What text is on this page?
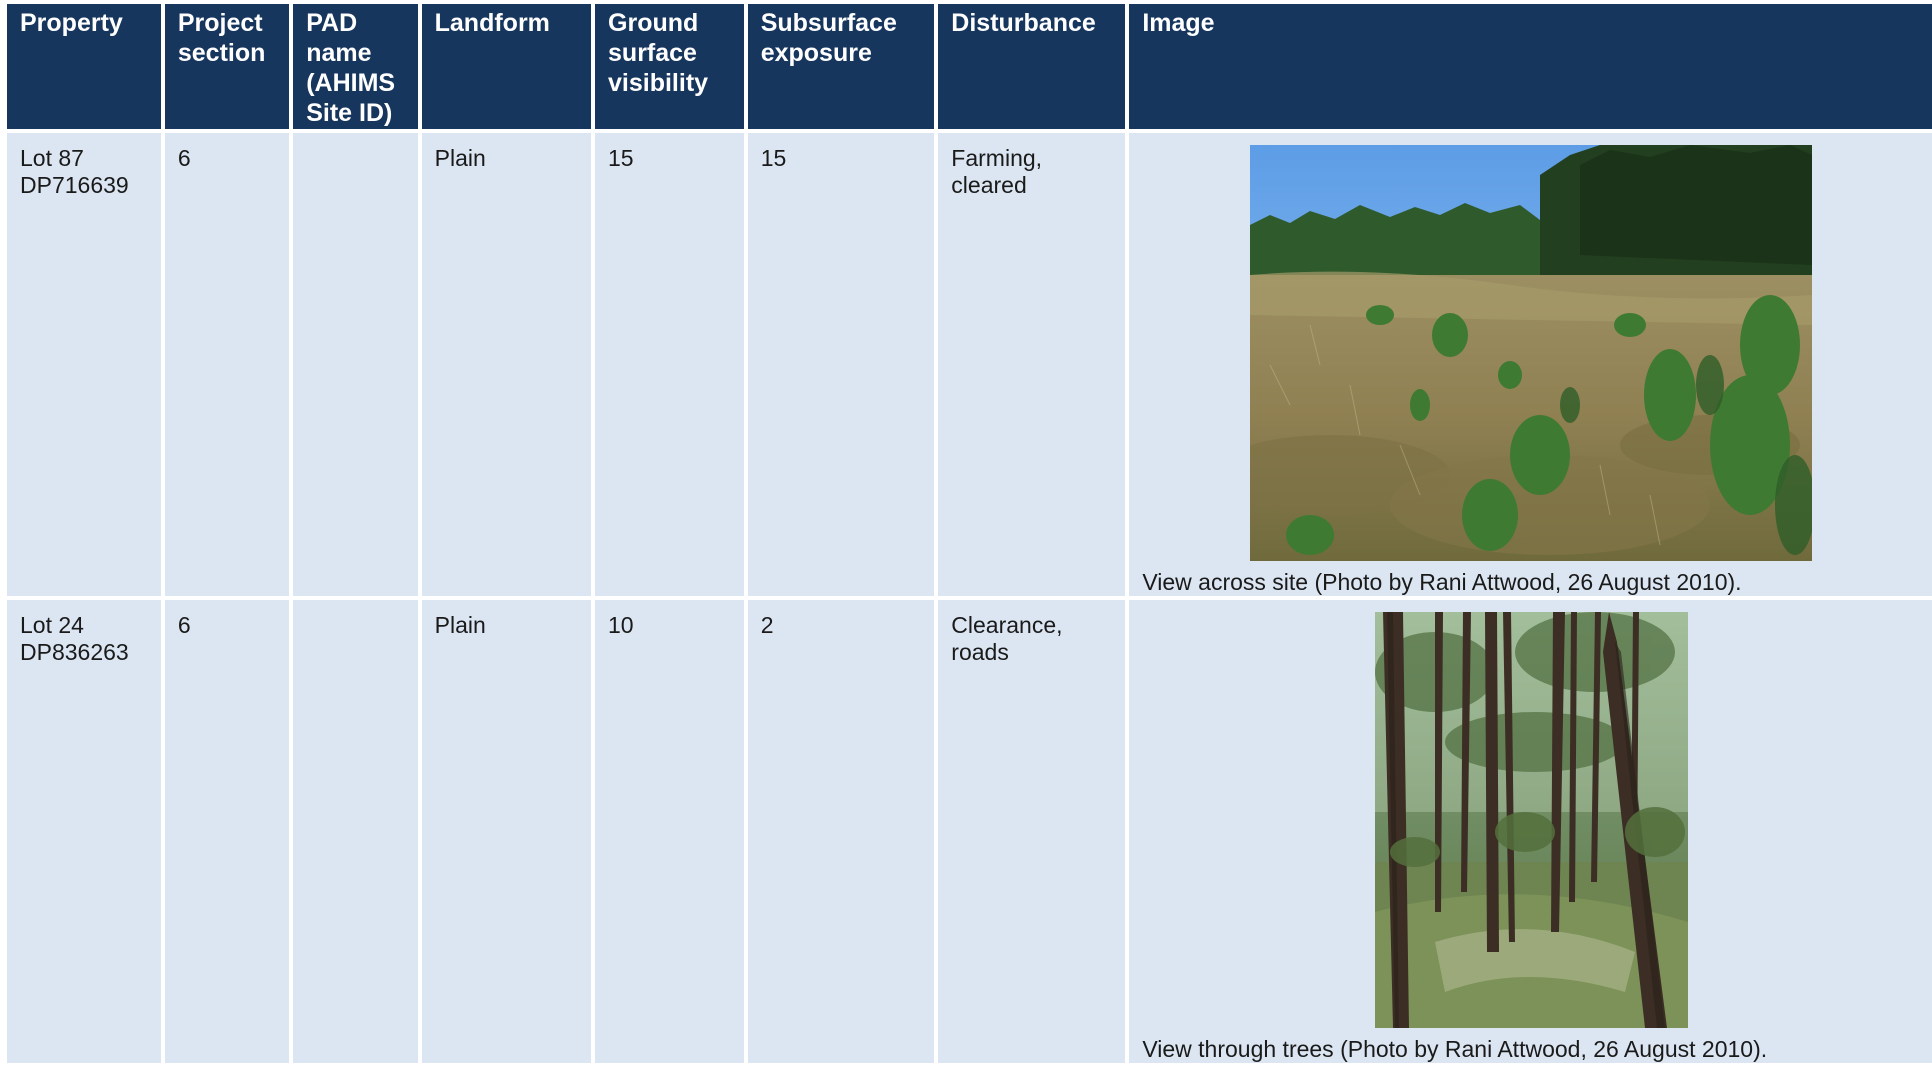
Property	Project section	PAD name (AHIMS Site ID)	Landform	Ground surface visibility	Subsurface exposure	Disturbance	Image
Lot 87 DP716639	6		Plain	15	15	Farming, cleared	View across site (Photo by Rani Attwood, 26 August 2010).

Lot 24 DP836263	6		Plain	10	2	Clearance, roads	View through trees (Photo by Rani Attwood, 26 August 2010).
